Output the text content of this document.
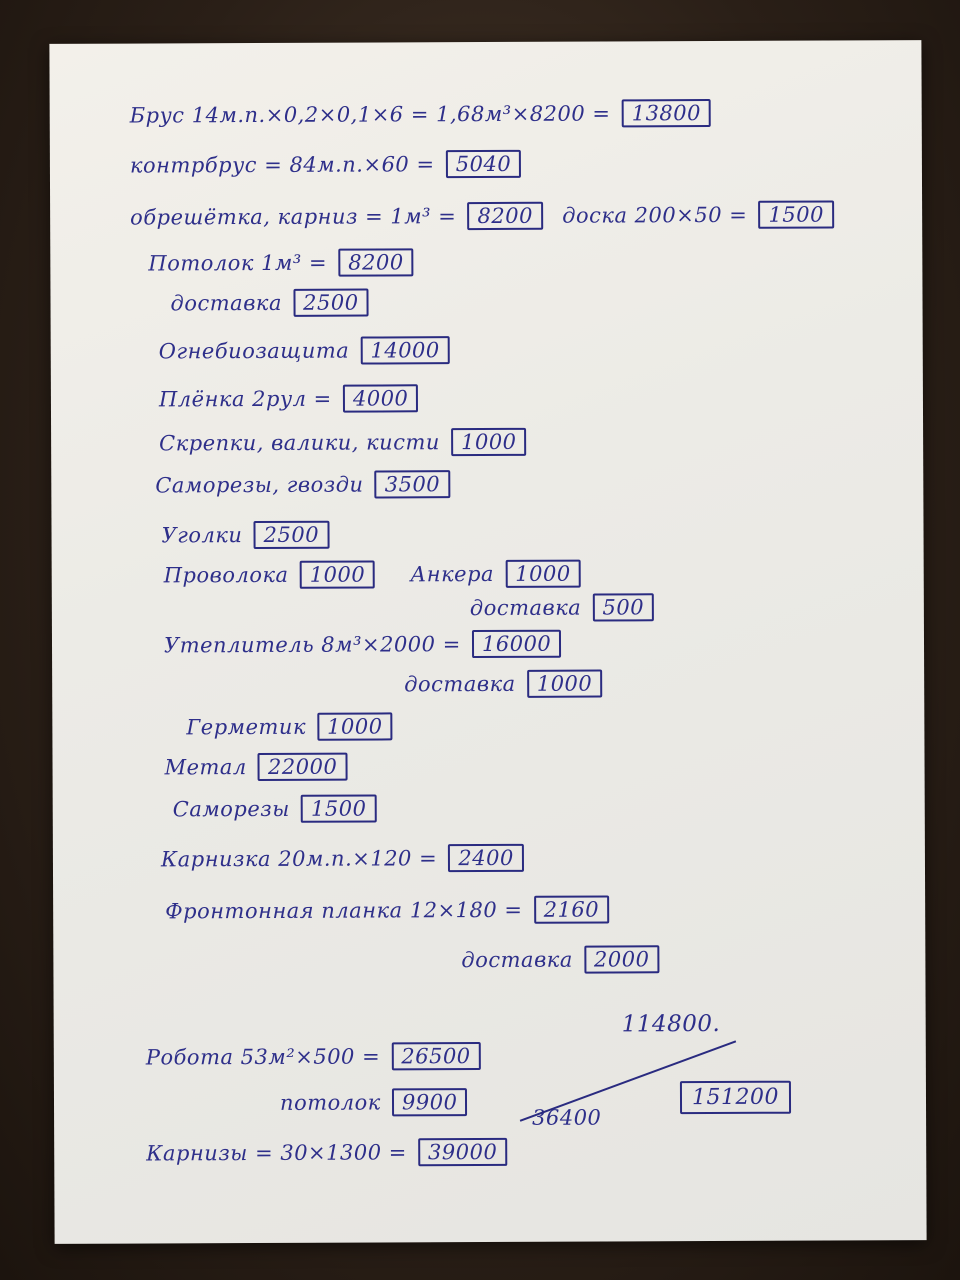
Брус 14м.п.×0,2×0,1×6 = 1,68м³×8200 = 13800
контрбрус = 84м.п.×60 = 5040
обрешётка, карниз = 1м³ = 8200 доска 200×50 = 1500
Потолок 1м³ = 8200
доставка 2500
Огнебиозащита 14000
Плёнка 2рул = 4000
Скрепки, валики, кисти 1000
Саморезы, гвозди 3500
Уголки 2500
Проволока 1000 Анкера 1000
доставка 500
Утеплитель 8м³×2000 = 16000
доставка 1000
Герметик 1000
Метал 22000
Саморезы 1500
Карнизка 20м.п.×120 = 2400
Фронтонная планка 12×180 = 2160
доставка 2000
114800.
Робота 53м²×500 = 26500
потолок 9900
36400
151200
Карнизы = 30×1300 = 39000
